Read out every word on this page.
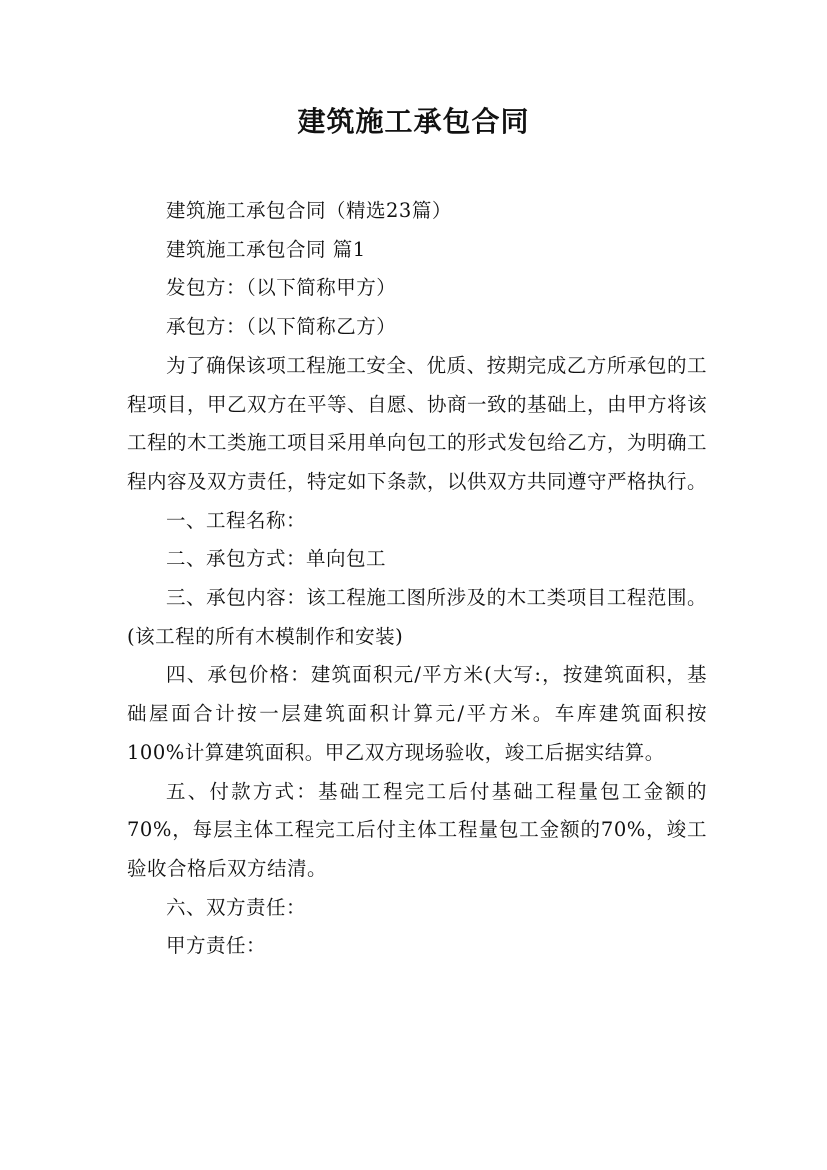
建筑施工承包合同

建筑施工承包合同（精选23篇）

建筑施工承包合同 篇1

发包方：（以下简称甲方）

承包方：（以下简称乙方）

为了确保该项工程施工安全、优质、按期完成乙方所承包的工程项目，甲乙双方在平等、自愿、协商一致的基础上，由甲方将该工程的木工类施工项目采用单向包工的形式发包给乙方，为明确工程内容及双方责任，特定如下条款，以供双方共同遵守严格执行。

一、工程名称：

二、承包方式：单向包工

三、承包内容：该工程施工图所涉及的木工类项目工程范围。(该工程的所有木模制作和安装)

四、承包价格：建筑面积元/平方米(大写:，按建筑面积，基础屋面合计按一层建筑面积计算元/平方米。车库建筑面积按100%计算建筑面积。甲乙双方现场验收，竣工后据实结算。

五、付款方式：基础工程完工后付基础工程量包工金额的70%，每层主体工程完工后付主体工程量包工金额的70%，竣工验收合格后双方结清。

六、双方责任：

甲方责任：
